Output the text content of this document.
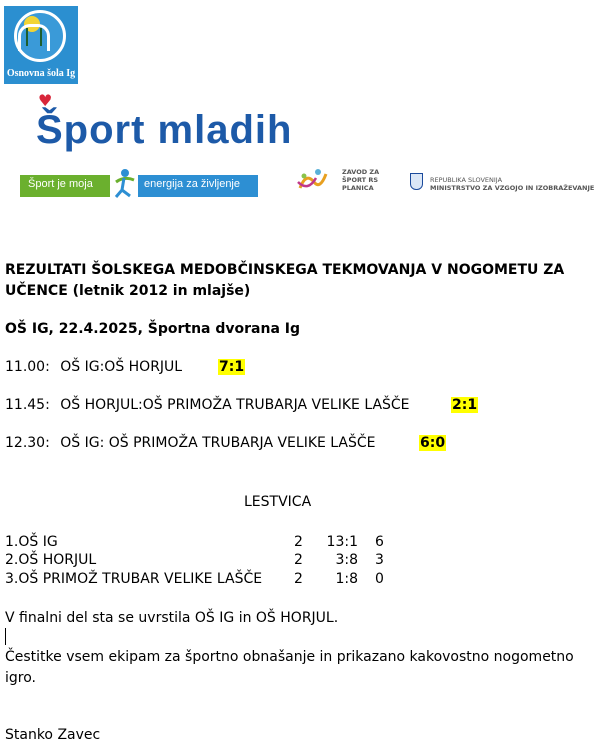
Osnovna šola Ig
♥
Šport mladih
Šport je moja	energija za življenje
ZAVOD ZA
ŠPORT RS
PLANICA
REPUBLIKA SLOVENIJA
MINISTRSTVO ZA VZGOJO IN IZOBRAŽEVANJE
REZULTATI ŠOLSKEGA MEDOBČINSKEGA TEKMOVANJA V NOGOMETU ZA
UČENCE (letnik 2012 in mlajše)
OŠ IG, 22.4.2025, Športna dvorana Ig
11.00: OŠ IG:OŠ HORJUL	7:1
11.45: OŠ HORJUL:OŠ PRIMOŽA TRUBARJA VELIKE LAŠČE	2:1
12.30: OŠ IG: OŠ PRIMOŽA TRUBARJA VELIKE LAŠČE	6:0
LESTVICA
1.OŠ IG	2	13:1 6
2.OŠ HORJUL	2	3:8 3
3.OŠ PRIMOŽ TRUBAR VELIKE LAŠČE 2	1:8 0
V finalni del sta se uvrstila OŠ IG in OŠ HORJUL.
Čestitke vsem ekipam za športno obnašanje in prikazano kakovostno nogometno
igro.
Stanko Zavec
